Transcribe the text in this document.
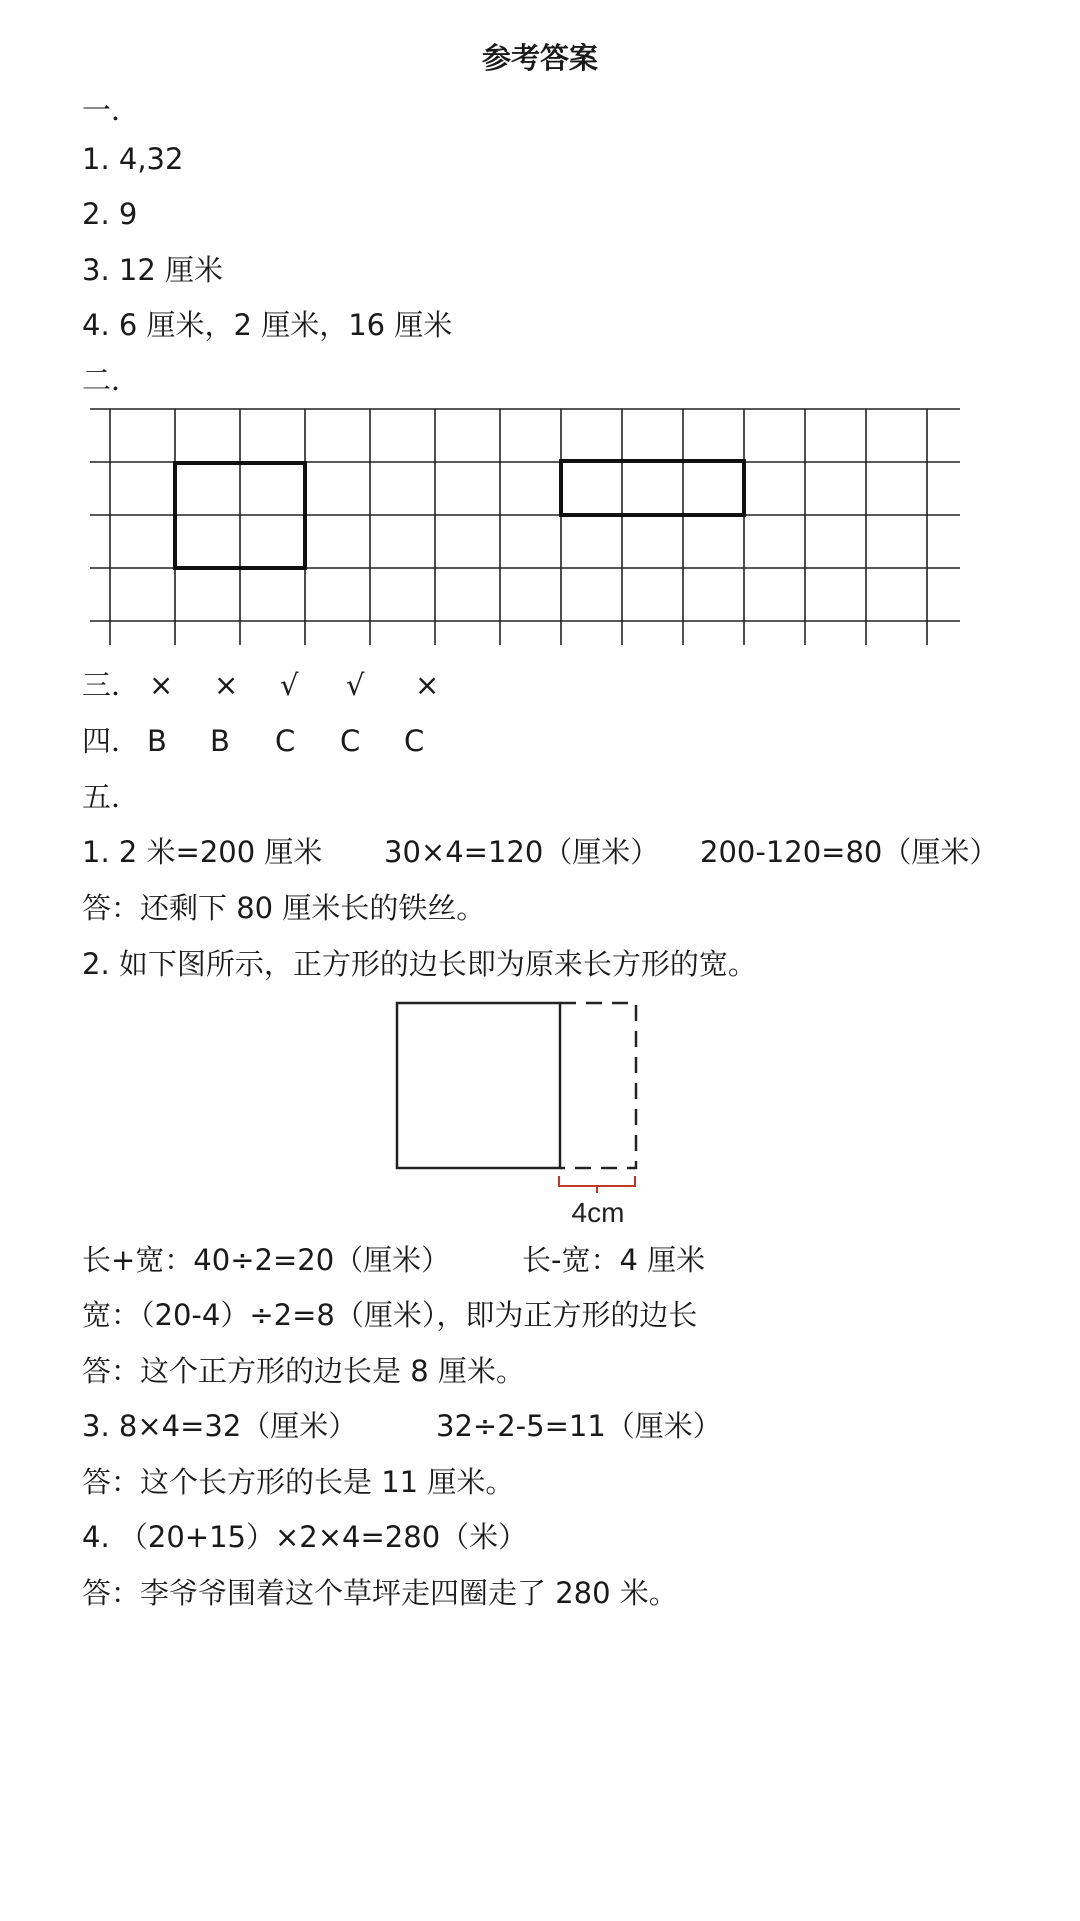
参考答案
一．
1. 4,32
2. 9
3. 12 厘米
4. 6 厘米，2 厘米，16 厘米
二．
三． × × √ √ ×
四． B B C C C
五．
1. 2 米=200 厘米 30×4=120（厘米） 200-120=80（厘米）
答：还剩下 80 厘米长的铁丝。
2. 如下图所示，正方形的边长即为原来长方形的宽。
4cm
长+宽：40÷2=20（厘米） 长-宽：4 厘米
宽：（20-4）÷2=8（厘米），即为正方形的边长
答：这个正方形的边长是 8 厘米。
3. 8×4=32（厘米）	32÷2-5=11（厘米）
答：这个长方形的长是 11 厘米。
4. （20+15）×2×4=280（米）
答：李爷爷围着这个草坪走四圈走了 280 米。
